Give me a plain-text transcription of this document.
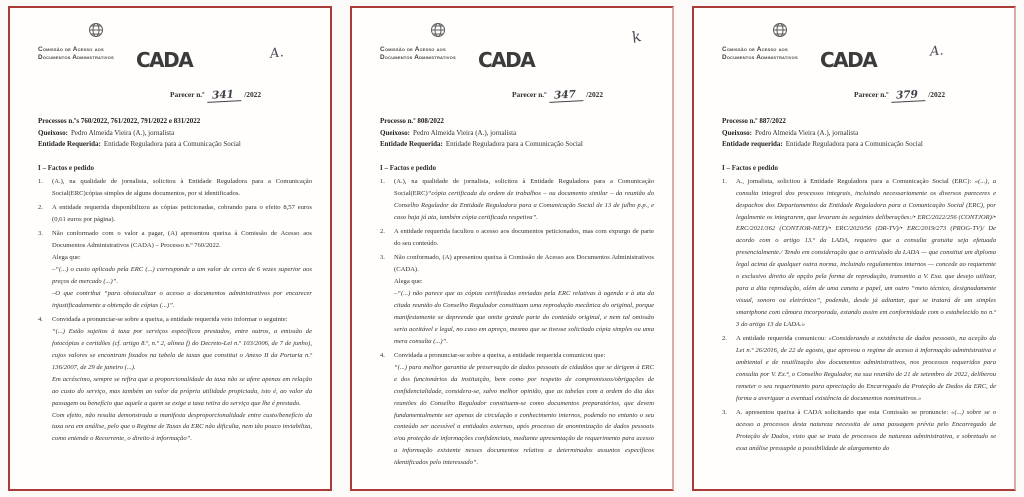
Comissão de Acesso aos
Documentos Administrativos CADA	A.
Parecer n.º 341 /2022
Processos n.ºs 760/2022, 761/2022, 791/2022 e 831/2022
Queixoso: Pedro Almeida Vieira (A.), jornalista
Entidade Requerida: Entidade Reguladora para a Comunicação Social
I – Factos e pedido
1.	(A.), na qualidade de jornalista, solicitou à Entidade Reguladora para a Comunicação Social(ERC)cópias simples de alguns documentos, por si identificados.
2.	A entidade requerida disponibilizou as cópias peticionadas, cobrando para o efeito 8,57 euros (0,61 euros por página).
3.	Não conformado com o valor a pagar, (A) apresentou queixa à Comissão de Acesso aos Documentos Administrativos (CADA) – Processo n.º 760/2022.
Alega que:
–“(...) o custo aplicado pela ERC (...) corresponde a um valor de cerca de 6 vezes superior aos preços de mercado (...)”.
–O que contribui “para obstaculizar o acesso a documentos administrativos por encarecer injustificadamente a obtenção de cópias (...)”.
4.	Convidada a pronunciar-se sobre a queixa, a entidade requerida veio informar o seguinte:
“(...) Estão sujeitos à taxa por serviços específicos prestados, entre outros, a emissão de fotocópias e certidões (cf. artigo 8.º, n.º 2, alínea f) do Decreto-Lei n.º 103/2006, de 7 de junho), cujos valores se encontram fixados na tabela de taxas que constitui o Anexo II da Portaria n.º 136/2007, de 29 de janeiro (...).
Em acréscimo, sempre se refira que a proporcionalidade da taxa não se afere apenas em relação ao custo do serviço, mas também ao valor da própria utilidade propiciada, isto é, ao valor da passagem ou benefício que aquele a quem se exige a taxa retira do serviço que lhe é prestado.
Com efeito, não resulta demonstrada a manifesta desproporcionalidade entre custo/benefício da taxa ora em análise, pelo que o Regime de Taxas da ERC não dificulta, nem tão pouco inviabiliza, como entende o Recorrente, o direito à informação”.
Comissão de Acesso aos
Documentos Administrativos CADA
k
Parecer n.º 347 /2022
Processo n.º 808/2022
Queixoso: Pedro Almeida Vieira (A.), jornalista
Entidade Requerida: Entidade Reguladora para a Comunicação Social
I – Factos e pedido
1.	(A.), na qualidade de jornalista, solicitou à Entidade Reguladora para a Comunicação Social(ERC)“cópia certificada da ordem de trabalhos – ou documento similar – da reunião do Conselho Regulador da Entidade Reguladora para a Comunicação Social de 13 de julho p.p., e caso haja já ata, também cópia certificada respetiva”.
2.	A entidade requerida facultou o acesso aos documentos peticionados, mas com expurgo de parte do seu conteúdo.
3.	Não conformado, (A) apresentou queixa à Comissão de Acesso aos Documentos Administrativos (CADA).
Alega que:
–“(...) não parece que as cópias certificadas enviadas pela ERC relativas à agenda e à ata da citada reunião do Conselho Regulador constituam uma reprodução mecânica do original, porque manifestamente se depreende que omite grande parte do conteúdo original, e nem tal omissão seria aceitável e legal, no caso em apreço, mesmo que se tivesse solicitado cópia simples ou uma mera consulta (...)”.
4.	Convidada a pronunciar-se sobre a queixa, a entidade requerida comunicou que:
“(...) para melhor garantia de preservação de dados pessoais de cidadãos que se dirigem à ERC e dos funcionários da instituição, bem como por respeito de compromissos/obrigações de confidencialidade, considera-se, salvo melhor opinião, que as tabelas com a ordem do dia das reuniões do Conselho Regulador constituem-se como documentos preparatórios, que devem fundamentalmente ser apenas de circulação e conhecimento internos, podendo no entanto o seu conteúdo ser acessível a entidades externas, após processo de anonimização de dados pessoais e/ou proteção de informações confidenciais, mediante apresentação de requerimento para acesso a informação existente nesses documentos relativa a determinados assuntos específicos identificados pelo interessado”.
Comissão de Acesso aos
Documentos Administrativos CADA	A.
Parecer n.º 379 /2022
Processo n.º 887/2022
Queixoso: Pedro Almeida Vieira (A.), jornalista
Entidade requerida: Entidade Reguladora para a Comunicação Social
I – Factos e pedido
1.	A., jornalista, solicitou à Entidade Reguladora para a Comunicação Social (ERC): «(...), a consulta integral dos processos integrais, incluindo necessariamente os diversos pareceres e despachos dos Departamentos da Entidade Reguladora para a Comunicação Social (ERC), por legalmente os integrarem, que levaram às seguintes deliberações:/• ERC/2022/256 (CONTJOR)/• ERC/2021/362 (CONTJOR-NET)/• ERC/2020/56 (DR-TV)/• ERC/2019/273 (PROG-TV)/ De acordo com o artigo 13.º da LADA, requeiro que a consulta gratuita seja efetuada presencialmente./ Tendo em consideração que o articulado da LADA — que constitui um diploma legal acima de qualquer outra norma, incluindo regulamentos internos — concede ao requerente o exclusivo direito de opção pela forma de reprodução, transmito a V. Exa. que desejo utilizar, para a dita reprodução, além de uma caneta e papel, um outro “meio técnico, designadamente visual, sonoro ou eletrónico”, podendo, desde já adiantar, que se tratará de um simples smartphone com câmara incorporada, estando assim em conformidade com o estabelecido no n.º 3 do artigo 13 da LADA.»
2.	A entidade requerida comunicou: «Considerando a existência de dados pessoais, na aceção da Lei n.º 26/2016, de 22 de agosto, que aprovou o regime de acesso à informação administrativa e ambiental e de reutilização dos documentos administrativos, nos processos requeridos para consulta por V. Ex.ª, o Conselho Regulador, na sua reunião de 21 de setembro de 2022, deliberou remeter o seu requerimento para apreciação do Encarregado da Proteção de Dados da ERC, de forma a averiguar a eventual existência de documentos nominativos.»
3.	A. apresentou queixa à CADA solicitando que esta Comissão se pronuncie: «(...) sobre se o acesso a processos desta natureza necessita de uma passagem prévia pelo Encarregado de Proteção de Dados, visto que se trata de processos de natureza administrativa, e sobretudo se essa análise pressupõe a possibilidade de alargamento do
